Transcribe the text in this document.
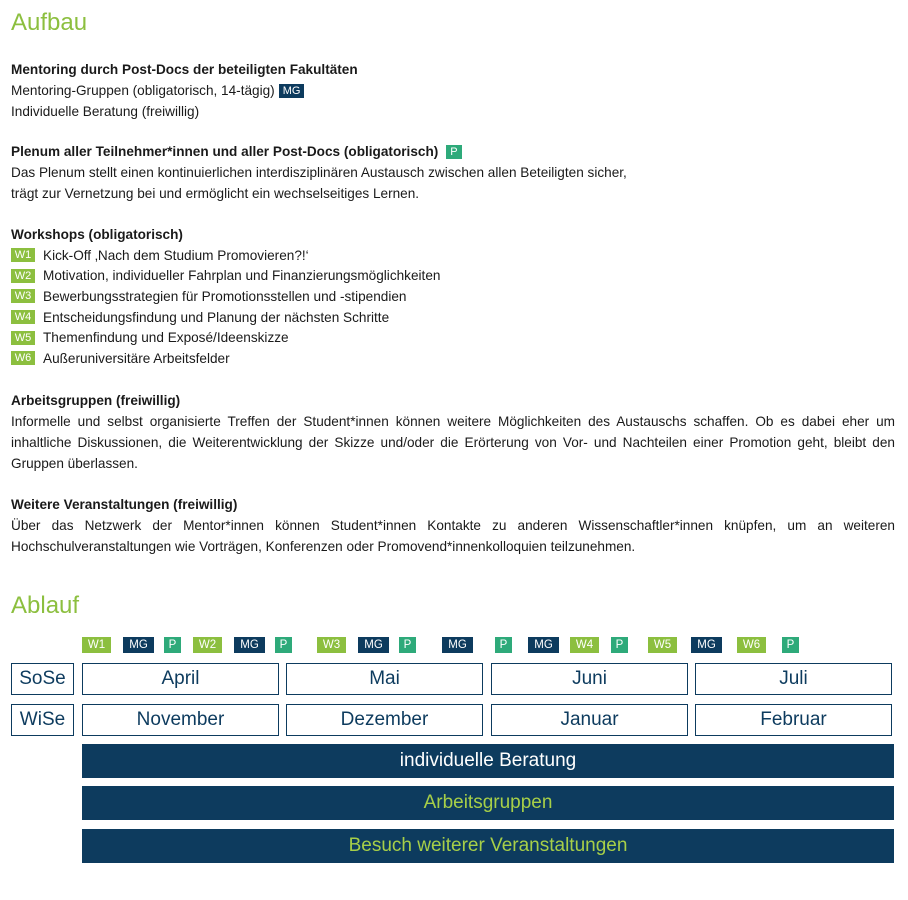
Aufbau

Mentoring durch Post-Docs der beteiligten Fakultäten

Mentoring-Gruppen (obligatorisch, 14-tägig) MG

Individuelle Beratung (freiwillig)

Plenum aller Teilnehmer*innen und aller Post-Docs (obligatorisch) P

Das Plenum stellt einen kontinuierlichen interdisziplinären Austausch zwischen allen Beteiligten sicher,

trägt zur Vernetzung bei und ermöglicht ein wechselseitiges Lernen.

Workshops (obligatorisch)

W1 Kick-Off ‚Nach dem Studium Promovieren?!‘
W2 Motivation, individueller Fahrplan und Finanzierungsmöglichkeiten
W3 Bewerbungsstrategien für Promotionsstellen und -stipendien
W4 Entscheidungsfindung und Planung der nächsten Schritte
W5 Themenfindung und Exposé/Ideenskizze
W6 Außeruniversitäre Arbeitsfelder

Arbeitsgruppen (freiwillig)

Informelle und selbst organisierte Treffen der Student*innen können weitere Möglichkeiten des Austauschs schaffen. Ob es dabei eher um inhaltliche Diskussionen, die Weiterentwicklung der Skizze und/oder die Erörterung von Vor- und Nachteilen einer Promotion geht, bleibt den Gruppen überlassen.

Weitere Veranstaltungen (freiwillig)

Über das Netzwerk der Mentor*innen können Student*innen Kontakte zu anderen Wissenschaftler*innen knüpfen, um an weiteren Hochschulveranstaltungen wie Vorträgen, Konferenzen oder Promovend*innenkolloquien teilzunehmen.

Ablauf
W1	MG	P	W2	MG	P	W3	MG	P	MG	P	MG	W4	P	W5	MG	W6	P
SoSe	April	Mai	Juni	Juli
WiSe	November	Dezember	Januar	Februar
individuelle Beratung
Arbeitsgruppen
Besuch weiterer Veranstaltungen
